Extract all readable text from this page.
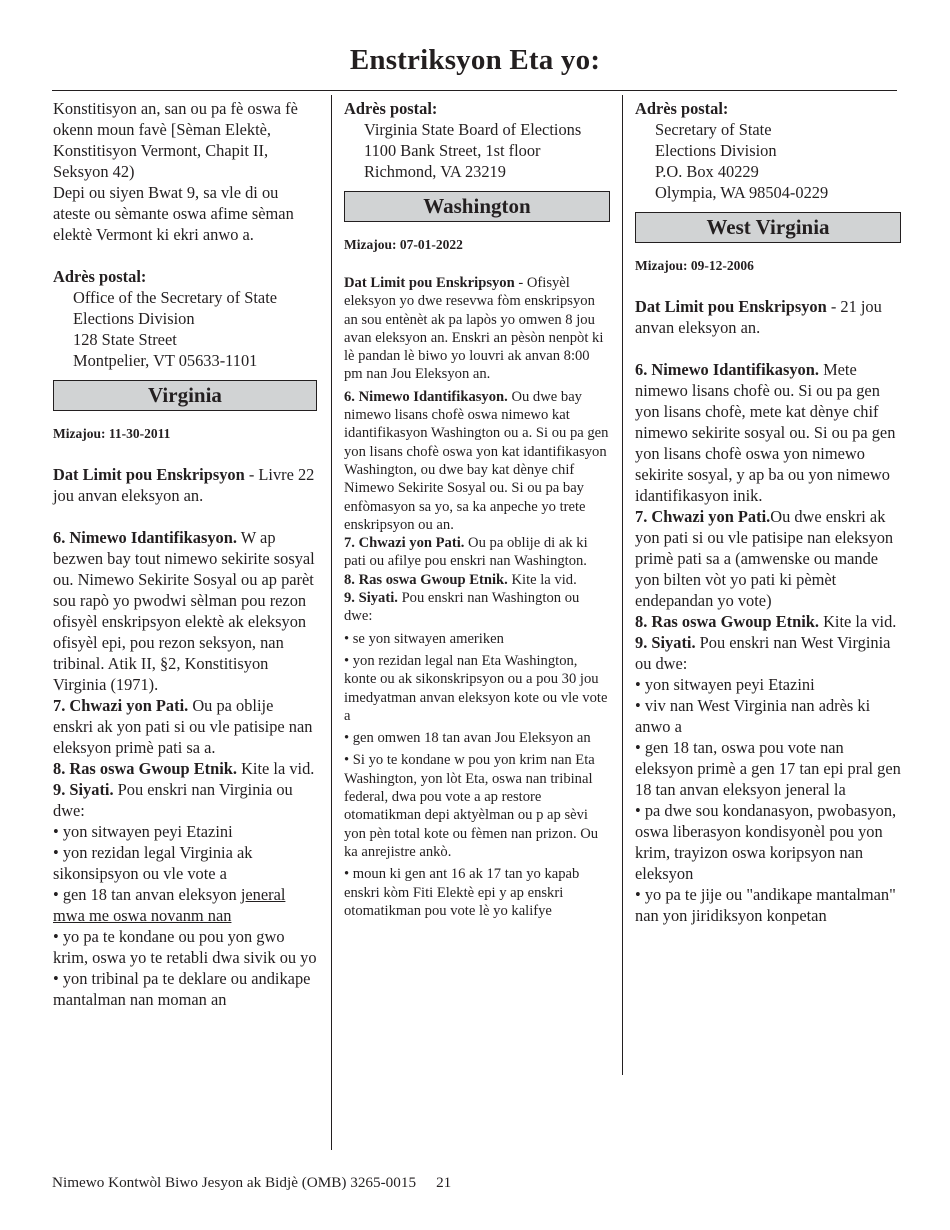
Enstriksyon Eta yo:

Konstitisyon an, san ou pa fè oswa fè okenn moun favè [Sèman Elektè, Konstitisyon Vermont, Chapit II, Seksyon 42)

Depi ou siyen Bwat 9, sa vle di ou ateste ou sèmante oswa afime sèman elektè Vermont ki ekri anwo a.

Adrès postal:

Office of the Secretary of State
Elections Division
128 State Street
Montpelier, VT 05633-1101
Virginia
Mizajou: 11-30-2011

Dat Limit pou Enskripsyon - Livre 22 jou anvan eleksyon an.

6. Nimewo Idantifikasyon. W ap bezwen bay tout nimewo sekirite sosyal ou. Nimewo Sekirite Sosyal ou ap parèt sou rapò yo pwodwi sèlman pou rezon ofisyèl enskripsyon elektè ak eleksyon ofisyèl epi, pou rezon seksyon, nan tribinal. Atik II, §2, Konstitisyon Virginia (1971).

7. Chwazi yon Pati. Ou pa oblije enskri ak yon pati si ou vle patisipe nan eleksyon primè pati sa a.

8. Ras oswa Gwoup Etnik. Kite la vid.

9. Siyati. Pou enskri nan Virginia ou dwe:

• yon sitwayen peyi Etazini

• yon rezidan legal Virginia ak sikonsipsyon ou vle vote a

• gen 18 tan anvan eleksyon jeneral mwa me oswa novanm nan

• yo pa te kondane ou pou yon gwo krim, oswa yo te retabli dwa sivik ou yo

• yon tribinal pa te deklare ou andikape mantalman nan moman an

Adrès postal:

Virginia State Board of Elections
1100 Bank Street, 1st floor
Richmond, VA 23219
Washington
Mizajou: 07-01-2022

Dat Limit pou Enskripsyon - Ofisyèl eleksyon yo dwe resevwa fòm enskripsyon an sou entènèt ak pa lapòs yo omwen 8 jou avan eleksyon an. Enskri an pèsòn nenpòt ki lè pandan lè biwo yo louvri ak anvan 8:00 pm nan Jou Eleksyon an.

6. Nimewo Idantifikasyon. Ou dwe bay nimewo lisans chofè oswa nimewo kat idantifikasyon Washington ou a. Si ou pa gen yon lisans chofè oswa yon kat idantifikasyon Washington, ou dwe bay kat dènye chif Nimewo Sekirite Sosyal ou. Si ou pa bay enfòmasyon sa yo, sa ka anpeche yo trete enskripsyon ou an.

7. Chwazi yon Pati. Ou pa oblije di ak ki pati ou afilye pou enskri nan Washington.

8. Ras oswa Gwoup Etnik. Kite la vid.

9. Siyati. Pou enskri nan Washington ou dwe:

• se yon sitwayen ameriken

• yon rezidan legal nan Eta Washington, konte ou ak sikonskripsyon ou a pou 30 jou imedyatman anvan eleksyon kote ou vle vote a

• gen omwen 18 tan avan Jou Eleksyon an

• Si yo te kondane w pou yon krim nan Eta Washington, yon lòt Eta, oswa nan tribinal federal, dwa pou vote a ap restore otomatikman depi aktyèlman ou p ap sèvi yon pèn total kote ou fèmen nan prizon. Ou ka anrejistre ankò.

• moun ki gen ant 16 ak 17 tan yo kapab enskri kòm Fiti Elektè epi y ap enskri otomatikman pou vote lè yo kalifye

Adrès postal:

Secretary of State
Elections Division
P.O. Box 40229
Olympia, WA 98504-0229
West Virginia
Mizajou: 09-12-2006

Dat Limit pou Enskripsyon - 21 jou anvan eleksyon an.

6. Nimewo Idantifikasyon. Mete nimewo lisans chofè ou. Si ou pa gen yon lisans chofè, mete kat dènye chif nimewo sekirite sosyal ou. Si ou pa gen yon lisans chofè oswa yon nimewo sekirite sosyal, y ap ba ou yon nimewo idantifikasyon inik.

7. Chwazi yon Pati.Ou dwe enskri ak yon pati si ou vle patisipe nan eleksyon primè pati sa a (amwenske ou mande yon bilten vòt yo pati ki pèmèt endepandan yo vote)

8. Ras oswa Gwoup Etnik. Kite la vid.

9. Siyati. Pou enskri nan West Virginia ou dwe:

• yon sitwayen peyi Etazini

• viv nan West Virginia nan adrès ki anwo a

• gen 18 tan, oswa pou vote nan eleksyon primè a gen 17 tan epi pral gen 18 tan anvan eleksyon jeneral la

• pa dwe sou kondanasyon, pwobasyon, oswa liberasyon kondisyonèl pou yon krim, trayizon oswa koripsyon nan eleksyon

• yo pa te jije ou "andikape mantalman" nan yon jiridiksyon konpetan

Nimewo Kontwòl Biwo Jesyon ak Bidjè (OMB) 3265-0015 21
